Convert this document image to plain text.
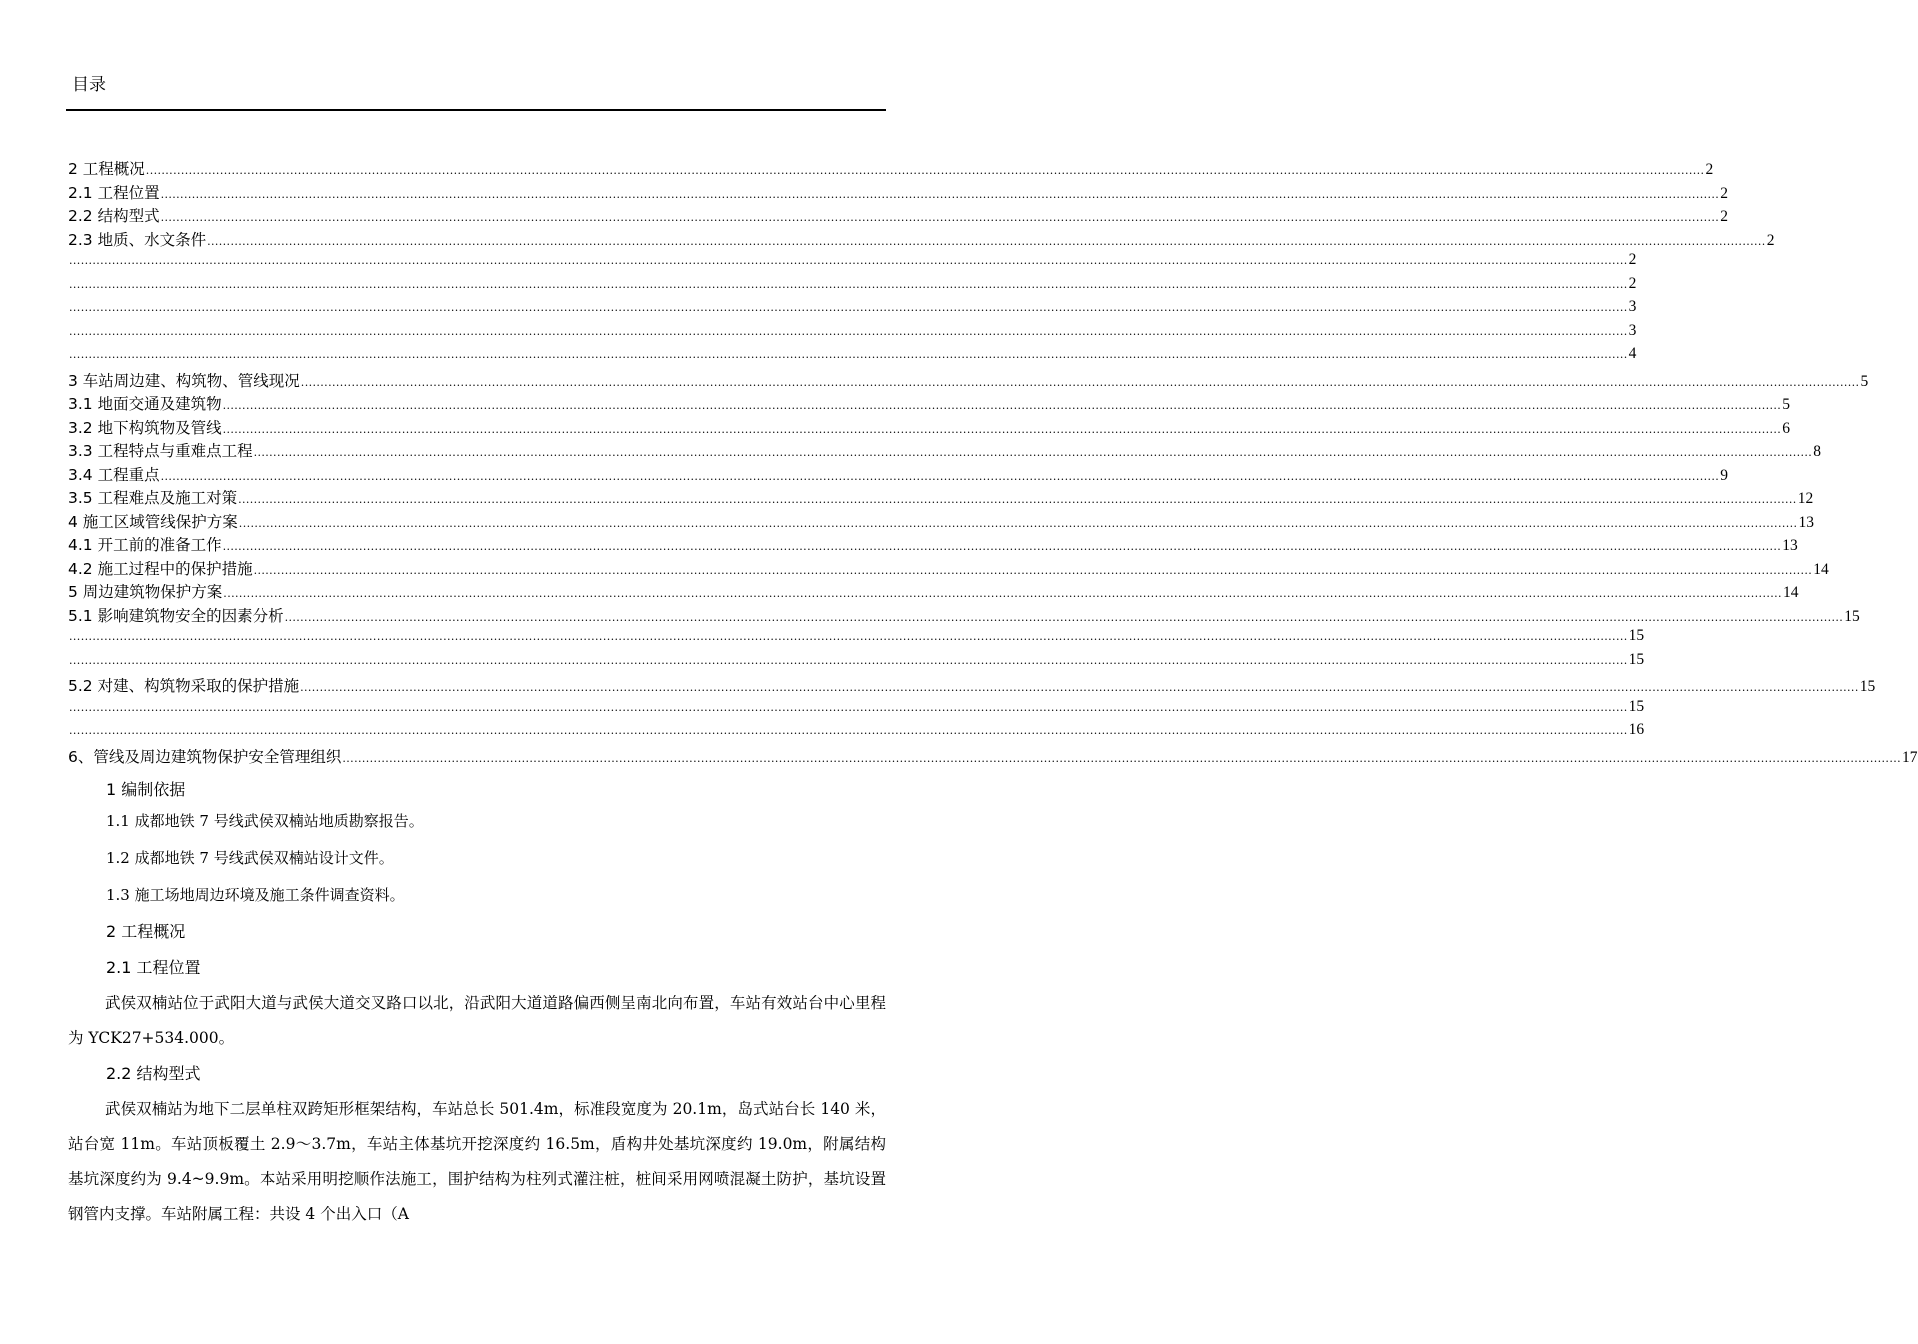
目录
2 工程概况 ................................................................................................................................................................................................................................................................................................................................................................................................................ 2
2.1 工程位置 ................................................................................................................................................................................................................................................................................................................................................................................................................ 2
2.2 结构型式 ................................................................................................................................................................................................................................................................................................................................................................................................................ 2
2.3 地质、水文条件 ................................................................................................................................................................................................................................................................................................................................................................................................................ 2
................................................................................................................................................................................................................................................................................................................................................................................................................ 2
................................................................................................................................................................................................................................................................................................................................................................................................................ 2
................................................................................................................................................................................................................................................................................................................................................................................................................ 3
................................................................................................................................................................................................................................................................................................................................................................................................................ 3
................................................................................................................................................................................................................................................................................................................................................................................................................ 4
3 车站周边建、构筑物、管线现况 ................................................................................................................................................................................................................................................................................................................................................................................................................ 5
3.1 地面交通及建筑物 ................................................................................................................................................................................................................................................................................................................................................................................................................ 5
3.2 地下构筑物及管线 ................................................................................................................................................................................................................................................................................................................................................................................................................ 6
3.3 工程特点与重难点工程 ................................................................................................................................................................................................................................................................................................................................................................................................................ 8
3.4 工程重点 ................................................................................................................................................................................................................................................................................................................................................................................................................ 9
3.5 工程难点及施工对策 ................................................................................................................................................................................................................................................................................................................................................................................................................ 12
4 施工区域管线保护方案 ................................................................................................................................................................................................................................................................................................................................................................................................................ 13
4.1 开工前的准备工作 ................................................................................................................................................................................................................................................................................................................................................................................................................ 13
4.2 施工过程中的保护措施 ................................................................................................................................................................................................................................................................................................................................................................................................................ 14
5 周边建筑物保护方案 ................................................................................................................................................................................................................................................................................................................................................................................................................ 14
5.1 影响建筑物安全的因素分析 ................................................................................................................................................................................................................................................................................................................................................................................................................ 15
................................................................................................................................................................................................................................................................................................................................................................................................................ 15
................................................................................................................................................................................................................................................................................................................................................................................................................ 15
5.2 对建、构筑物采取的保护措施 ................................................................................................................................................................................................................................................................................................................................................................................................................ 15
................................................................................................................................................................................................................................................................................................................................................................................................................ 15
................................................................................................................................................................................................................................................................................................................................................................................................................ 16
6、管线及周边建筑物保护安全管理组织 ................................................................................................................................................................................................................................................................................................................................................................................................................ 17

1 编制依据

1.1 成都地铁 7 号线武侯双楠站地质勘察报告。

1.2 成都地铁 7 号线武侯双楠站设计文件。

1.3 施工场地周边环境及施工条件调查资料。

2 工程概况

2.1 工程位置

武侯双楠站位于武阳大道与武侯大道交叉路口以北，沿武阳大道道路偏西侧呈南北向布置，车站有效站台中心里程为 YCK27+534.000。

2.2 结构型式

武侯双楠站为地下二层单柱双跨矩形框架结构，车站总长 501.4m，标准段宽度为 20.1m，岛式站台长 140 米，站台宽 11m。车站顶板覆土 2.9～3.7m，车站主体基坑开挖深度约 16.5m，盾构井处基坑深度约 19.0m，附属结构基坑深度约为 9.4~9.9m。本站采用明挖顺作法施工，围护结构为柱列式灌注桩，桩间采用网喷混凝土防护，基坑设置钢管内支撑。车站附属工程：共设 4 个出入口（A
